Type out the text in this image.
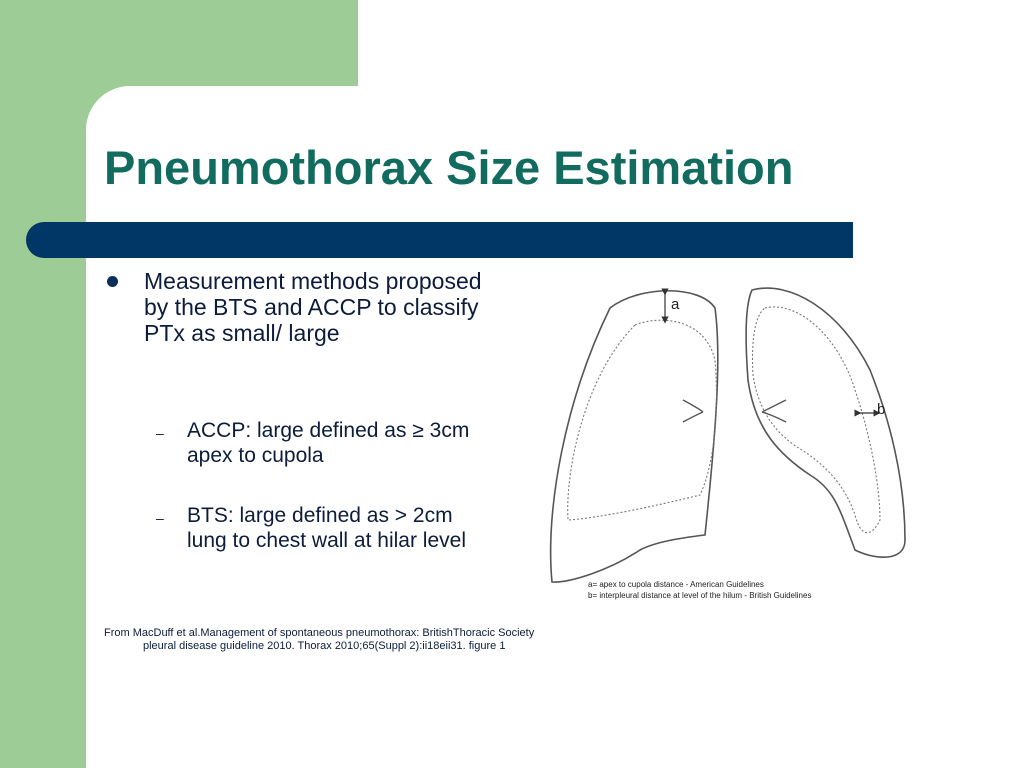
Pneumothorax Size Estimation
Measurement methods proposed by the BTS and ACCP to classify PTx as small/ large
– ACCP: large defined as ≥ 3cm apex to cupola
– BTS: large defined as > 2cm lung to chest wall at hilar level
From MacDuff et al.Management of spontaneous pneumothorax: BritishThoracic Society pleural disease guideline 2010. Thorax 2010;65(Suppl 2):ii18eii31. figure 1
a
b
a= apex to cupola distance - American Guidelines
b= interpleural distance at level of the hilum - British Guidelines
